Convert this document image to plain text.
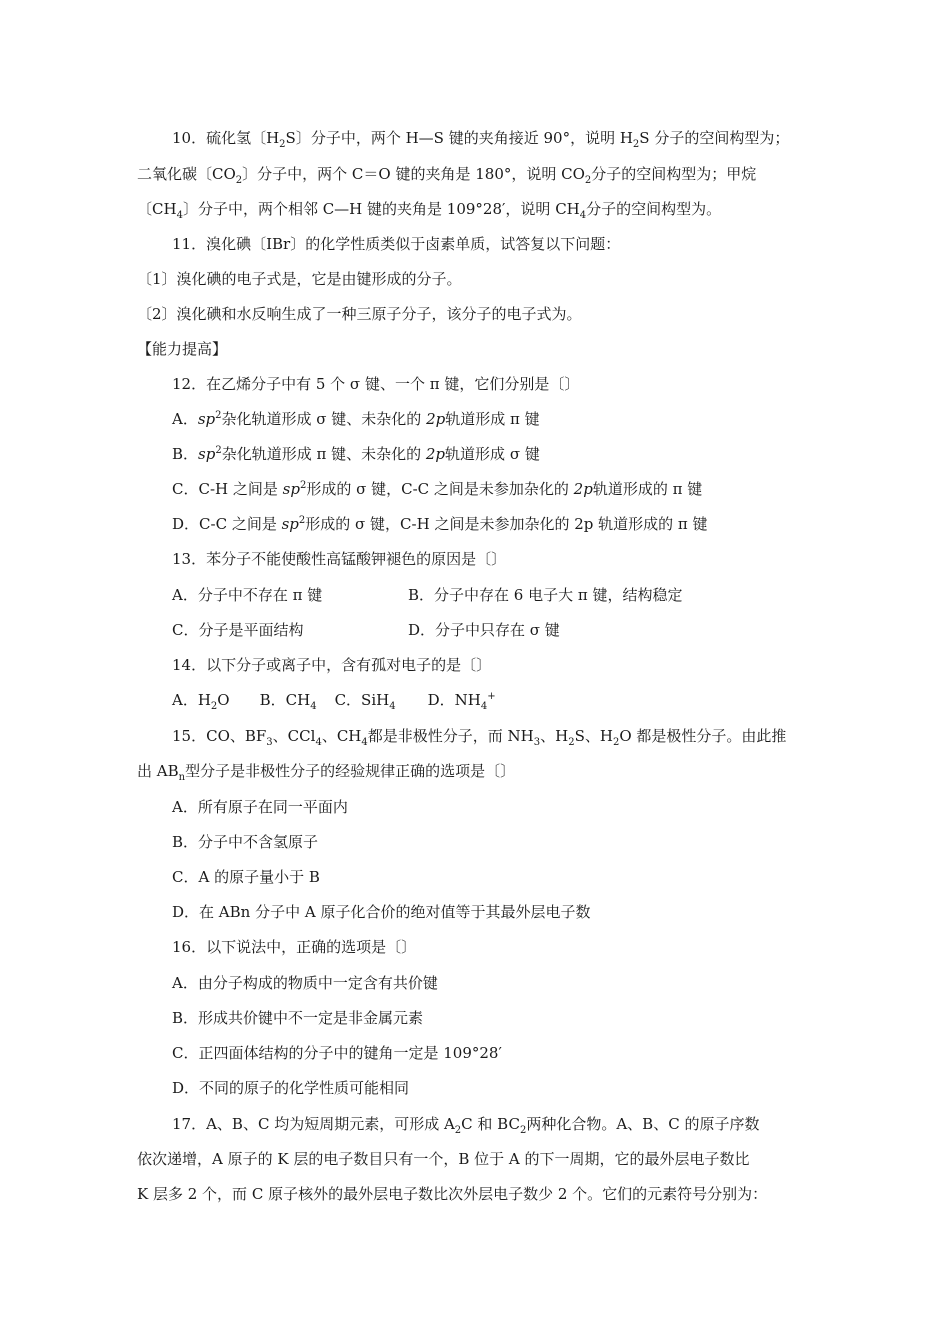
10．硫化氢〔$H_2S$〕分子中，两个 H—S 键的夹角接近 90°，说明 $H_2S$ 分子的空间构型为；
二氧化碳〔$CO_2$〕分子中，两个 C＝O 键的夹角是 180°，说明 $CO_2$分子的空间构型为；甲烷
〔$CH_4$〕分子中，两个相邻 C—H 键的夹角是 109°28′，说明 $CH_4$分子的空间构型为。
11．溴化碘〔IBr〕的化学性质类似于卤素单质，试答复以下问题：
〔1〕溴化碘的电子式是，它是由键形成的分子。
〔2〕溴化碘和水反响生成了一种三原子分子，该分子的电子式为。
【能力提高】
12．在乙烯分子中有 5 个 σ 键、一个 π 键，它们分别是〔〕
A．$sp^2$杂化轨道形成 σ 键、未杂化的 2p轨道形成 π 键
B．$sp^2$杂化轨道形成 π 键、未杂化的 2p轨道形成 σ 键
C．C-H 之间是 $sp^2$形成的 σ 键，C-C 之间是未参加杂化的 2p轨道形成的 π 键
D．C-C 之间是 $sp^2$形成的 σ 键，C-H 之间是未参加杂化的 2p 轨道形成的 π 键
13．苯分子不能使酸性高锰酸钾褪色的原因是〔〕
A．分子中不存在 π 键	B．分子中存在 6 电子大 π 键，结构稳定
C．分子是平面结构	D．分子中只存在 σ 键
14．以下分子或离子中，含有孤对电子的是〔〕
A．$H_2O$ B．$CH_4$ C．SiH$_4$ D．$NH_4^+$
15．CO、$BF_3$、CCl$_4$、$CH_4$都是非极性分子，而 $NH_3$、$H_2S$、$H_2O$ 都是极性分子。由此推
出 $AB_n$型分子是非极性分子的经验规律正确的选项是〔〕
A．所有原子在同一平面内
B．分子中不含氢原子
C．A 的原子量小于 B
D．在 ABn 分子中 A 原子化合价的绝对值等于其最外层电子数
16．以下说法中，正确的选项是〔〕
A．由分子构成的物质中一定含有共价键
B．形成共价键中不一定是非金属元素
C．正四面体结构的分子中的键角一定是 109°28′
D．不同的原子的化学性质可能相同
17．A、B、C 均为短周期元素，可形成 $A_2C$ 和 $BC_2$两种化合物。A、B、C 的原子序数
依次递增，A 原子的 K 层的电子数目只有一个，B 位于 A 的下一周期，它的最外层电子数比
K 层多 2 个，而 C 原子核外的最外层电子数比次外层电子数少 2 个。它们的元素符号分别为：
